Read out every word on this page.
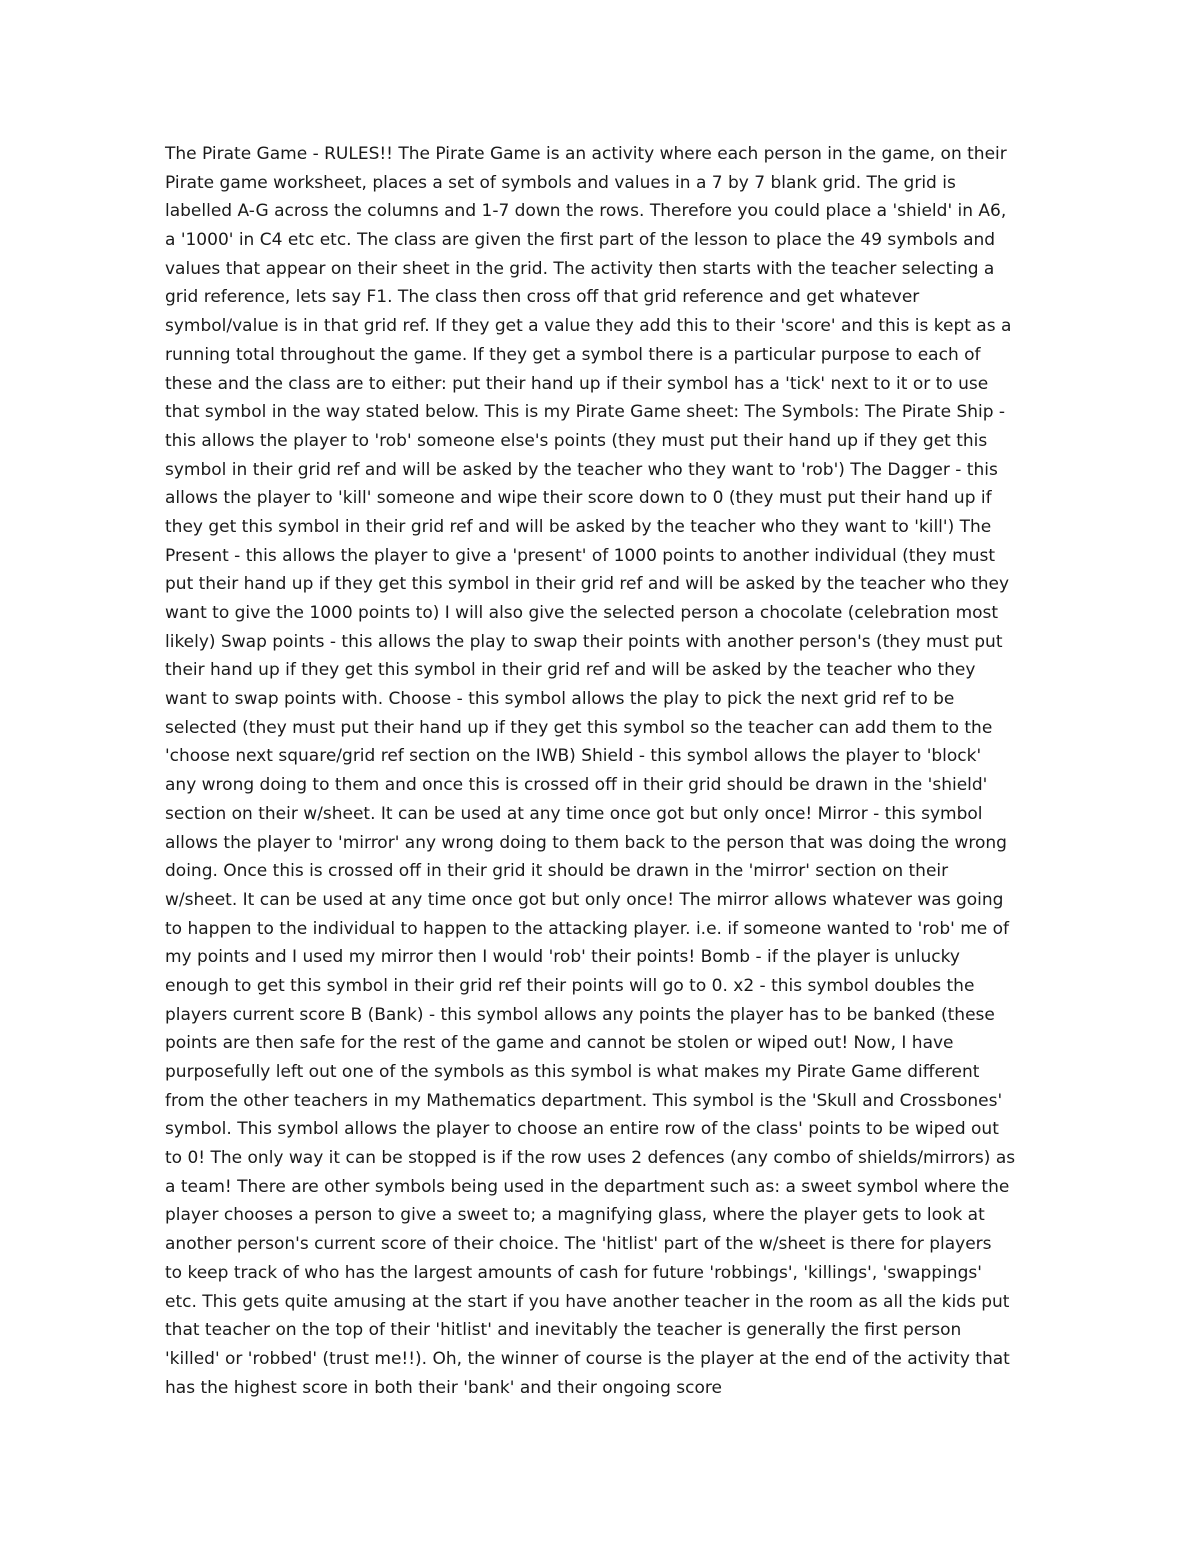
The Pirate Game - RULES!! The Pirate Game is an activity where each person in the game, on their
Pirate game worksheet, places a set of symbols and values in a 7 by 7 blank grid. The grid is
labelled A-G across the columns and 1-7 down the rows. Therefore you could place a 'shield' in A6,
a '1000' in C4 etc etc. The class are given the first part of the lesson to place the 49 symbols and
values that appear on their sheet in the grid. The activity then starts with the teacher selecting a
grid reference, lets say F1. The class then cross off that grid reference and get whatever
symbol/value is in that grid ref. If they get a value they add this to their 'score' and this is kept as a
running total throughout the game. If they get a symbol there is a particular purpose to each of
these and the class are to either: put their hand up if their symbol has a 'tick' next to it or to use
that symbol in the way stated below. This is my Pirate Game sheet: The Symbols: The Pirate Ship -
this allows the player to 'rob' someone else's points (they must put their hand up if they get this
symbol in their grid ref and will be asked by the teacher who they want to 'rob') The Dagger - this
allows the player to 'kill' someone and wipe their score down to 0 (they must put their hand up if
they get this symbol in their grid ref and will be asked by the teacher who they want to 'kill') The
Present - this allows the player to give a 'present' of 1000 points to another individual (they must
put their hand up if they get this symbol in their grid ref and will be asked by the teacher who they
want to give the 1000 points to) I will also give the selected person a chocolate (celebration most
likely) Swap points - this allows the play to swap their points with another person's (they must put
their hand up if they get this symbol in their grid ref and will be asked by the teacher who they
want to swap points with. Choose - this symbol allows the play to pick the next grid ref to be
selected (they must put their hand up if they get this symbol so the teacher can add them to the
'choose next square/grid ref section on the IWB) Shield - this symbol allows the player to 'block'
any wrong doing to them and once this is crossed off in their grid should be drawn in the 'shield'
section on their w/sheet. It can be used at any time once got but only once! Mirror - this symbol
allows the player to 'mirror' any wrong doing to them back to the person that was doing the wrong
doing. Once this is crossed off in their grid it should be drawn in the 'mirror' section on their
w/sheet. It can be used at any time once got but only once! The mirror allows whatever was going
to happen to the individual to happen to the attacking player. i.e. if someone wanted to 'rob' me of
my points and I used my mirror then I would 'rob' their points! Bomb - if the player is unlucky
enough to get this symbol in their grid ref their points will go to 0. x2 - this symbol doubles the
players current score B (Bank) - this symbol allows any points the player has to be banked (these
points are then safe for the rest of the game and cannot be stolen or wiped out! Now, I have
purposefully left out one of the symbols as this symbol is what makes my Pirate Game different
from the other teachers in my Mathematics department. This symbol is the 'Skull and Crossbones'
symbol. This symbol allows the player to choose an entire row of the class' points to be wiped out
to 0! The only way it can be stopped is if the row uses 2 defences (any combo of shields/mirrors) as
a team! There are other symbols being used in the department such as: a sweet symbol where the
player chooses a person to give a sweet to; a magnifying glass, where the player gets to look at
another person's current score of their choice. The 'hitlist' part of the w/sheet is there for players
to keep track of who has the largest amounts of cash for future 'robbings', 'killings', 'swappings'
etc. This gets quite amusing at the start if you have another teacher in the room as all the kids put
that teacher on the top of their 'hitlist' and inevitably the teacher is generally the first person
'killed' or 'robbed' (trust me!!). Oh, the winner of course is the player at the end of the activity that
has the highest score in both their 'bank' and their ongoing score
